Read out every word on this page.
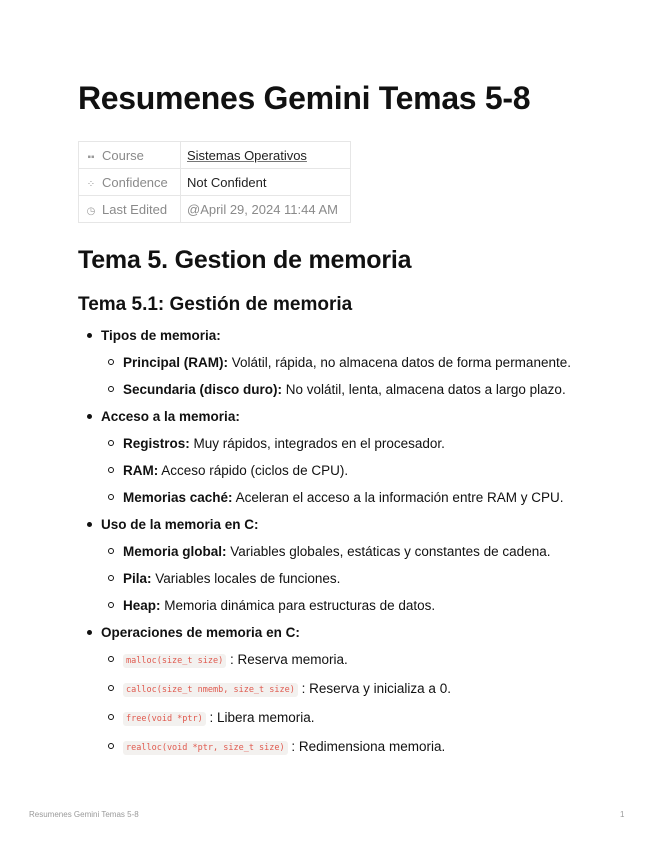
Resumenes Gemini Temas 5-8
▪▪ Course	Sistemas Operativos
⁘ Confidence	Not Confident
◷ Last Edited	@April 29, 2024 11:44 AM
Tema 5. Gestion de memoria
Tema 5.1: Gestión de memoria
Tipos de memoria:
Principal (RAM): Volátil, rápida, no almacena datos de forma permanente.
Secundaria (disco duro): No volátil, lenta, almacena datos a largo plazo.
Acceso a la memoria:
Registros: Muy rápidos, integrados en el procesador.
RAM: Acceso rápido (ciclos de CPU).
Memorias caché: Aceleran el acceso a la información entre RAM y CPU.
Uso de la memoria en C:
Memoria global: Variables globales, estáticas y constantes de cadena.
Pila: Variables locales de funciones.
Heap: Memoria dinámica para estructuras de datos.
Operaciones de memoria en C:
malloc(size_t size) : Reserva memoria.
calloc(size_t nmemb, size_t size) : Reserva y inicializa a 0.
free(void *ptr) : Libera memoria.
realloc(void *ptr, size_t size) : Redimensiona memoria.
Resumenes Gemini Temas 5-8	1
